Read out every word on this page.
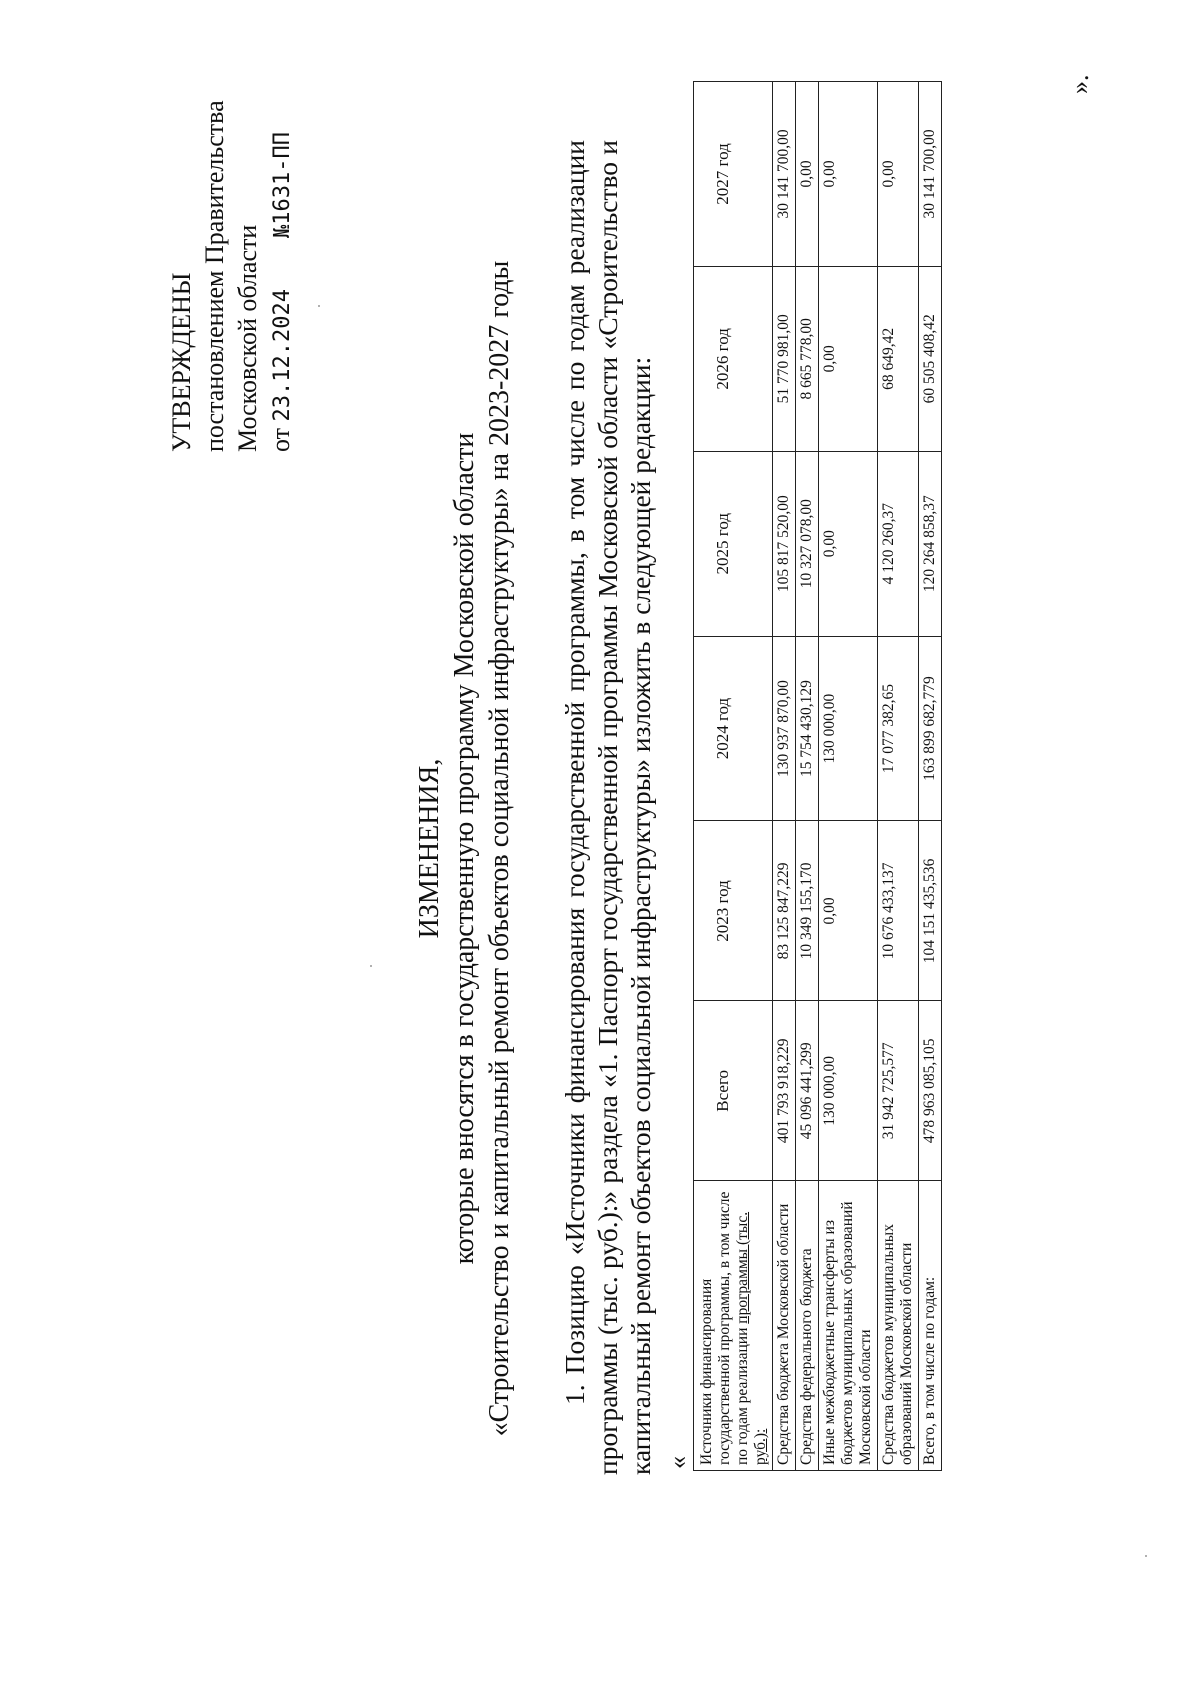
УТВЕРЖДЕНЫ постановлением Правительства Московской области от 23.12.2024  №1631-ПП
ИЗМЕНЕНИЯ, которые вносятся в государственную программу Московской области «Строительство и капитальный ремонт объектов социальной инфраструктуры» на 2023-2027 годы 1. Позицию «Источники финансирования государственной программы, в том числе по годам реализации программы (тыс. руб.):» раздела «1. Паспорт государственной программы Московской области «Строительство и капитальный ремонт объектов социальной инфраструктуры» изложить в следующей редакции: « Источники финансирования государственной программы, в том числе по годам реализации программы (тыс. руб.):	Всего	2023 год	2024 год	2025 год	2026 год	2027 год
Средства бюджета Московской области	401 793 918,229	83 125 847,229	130 937 870,00	105 817 520,00	51 770 981,00	30 141 700,00
Средства федерального бюджета	45 096 441,299	10 349 155,170	15 754 430,129	10 327 078,00	8 665 778,00	0,00
Иные межбюджетные трансферты из бюджетов муниципальных образований Московской области	130 000,00	0,00	130 000,00	0,00	0,00	0,00
Средства бюджетов муниципальных образований Московской области	31 942 725,577	10 676 433,137	17 077 382,65	4 120 260,37	68 649,42	0,00
Всего, в том числе по годам:	478 963 085,105	104 151 435,536	163 899 682,779	120 264 858,37	60 505 408,42	30 141 700,00
».
